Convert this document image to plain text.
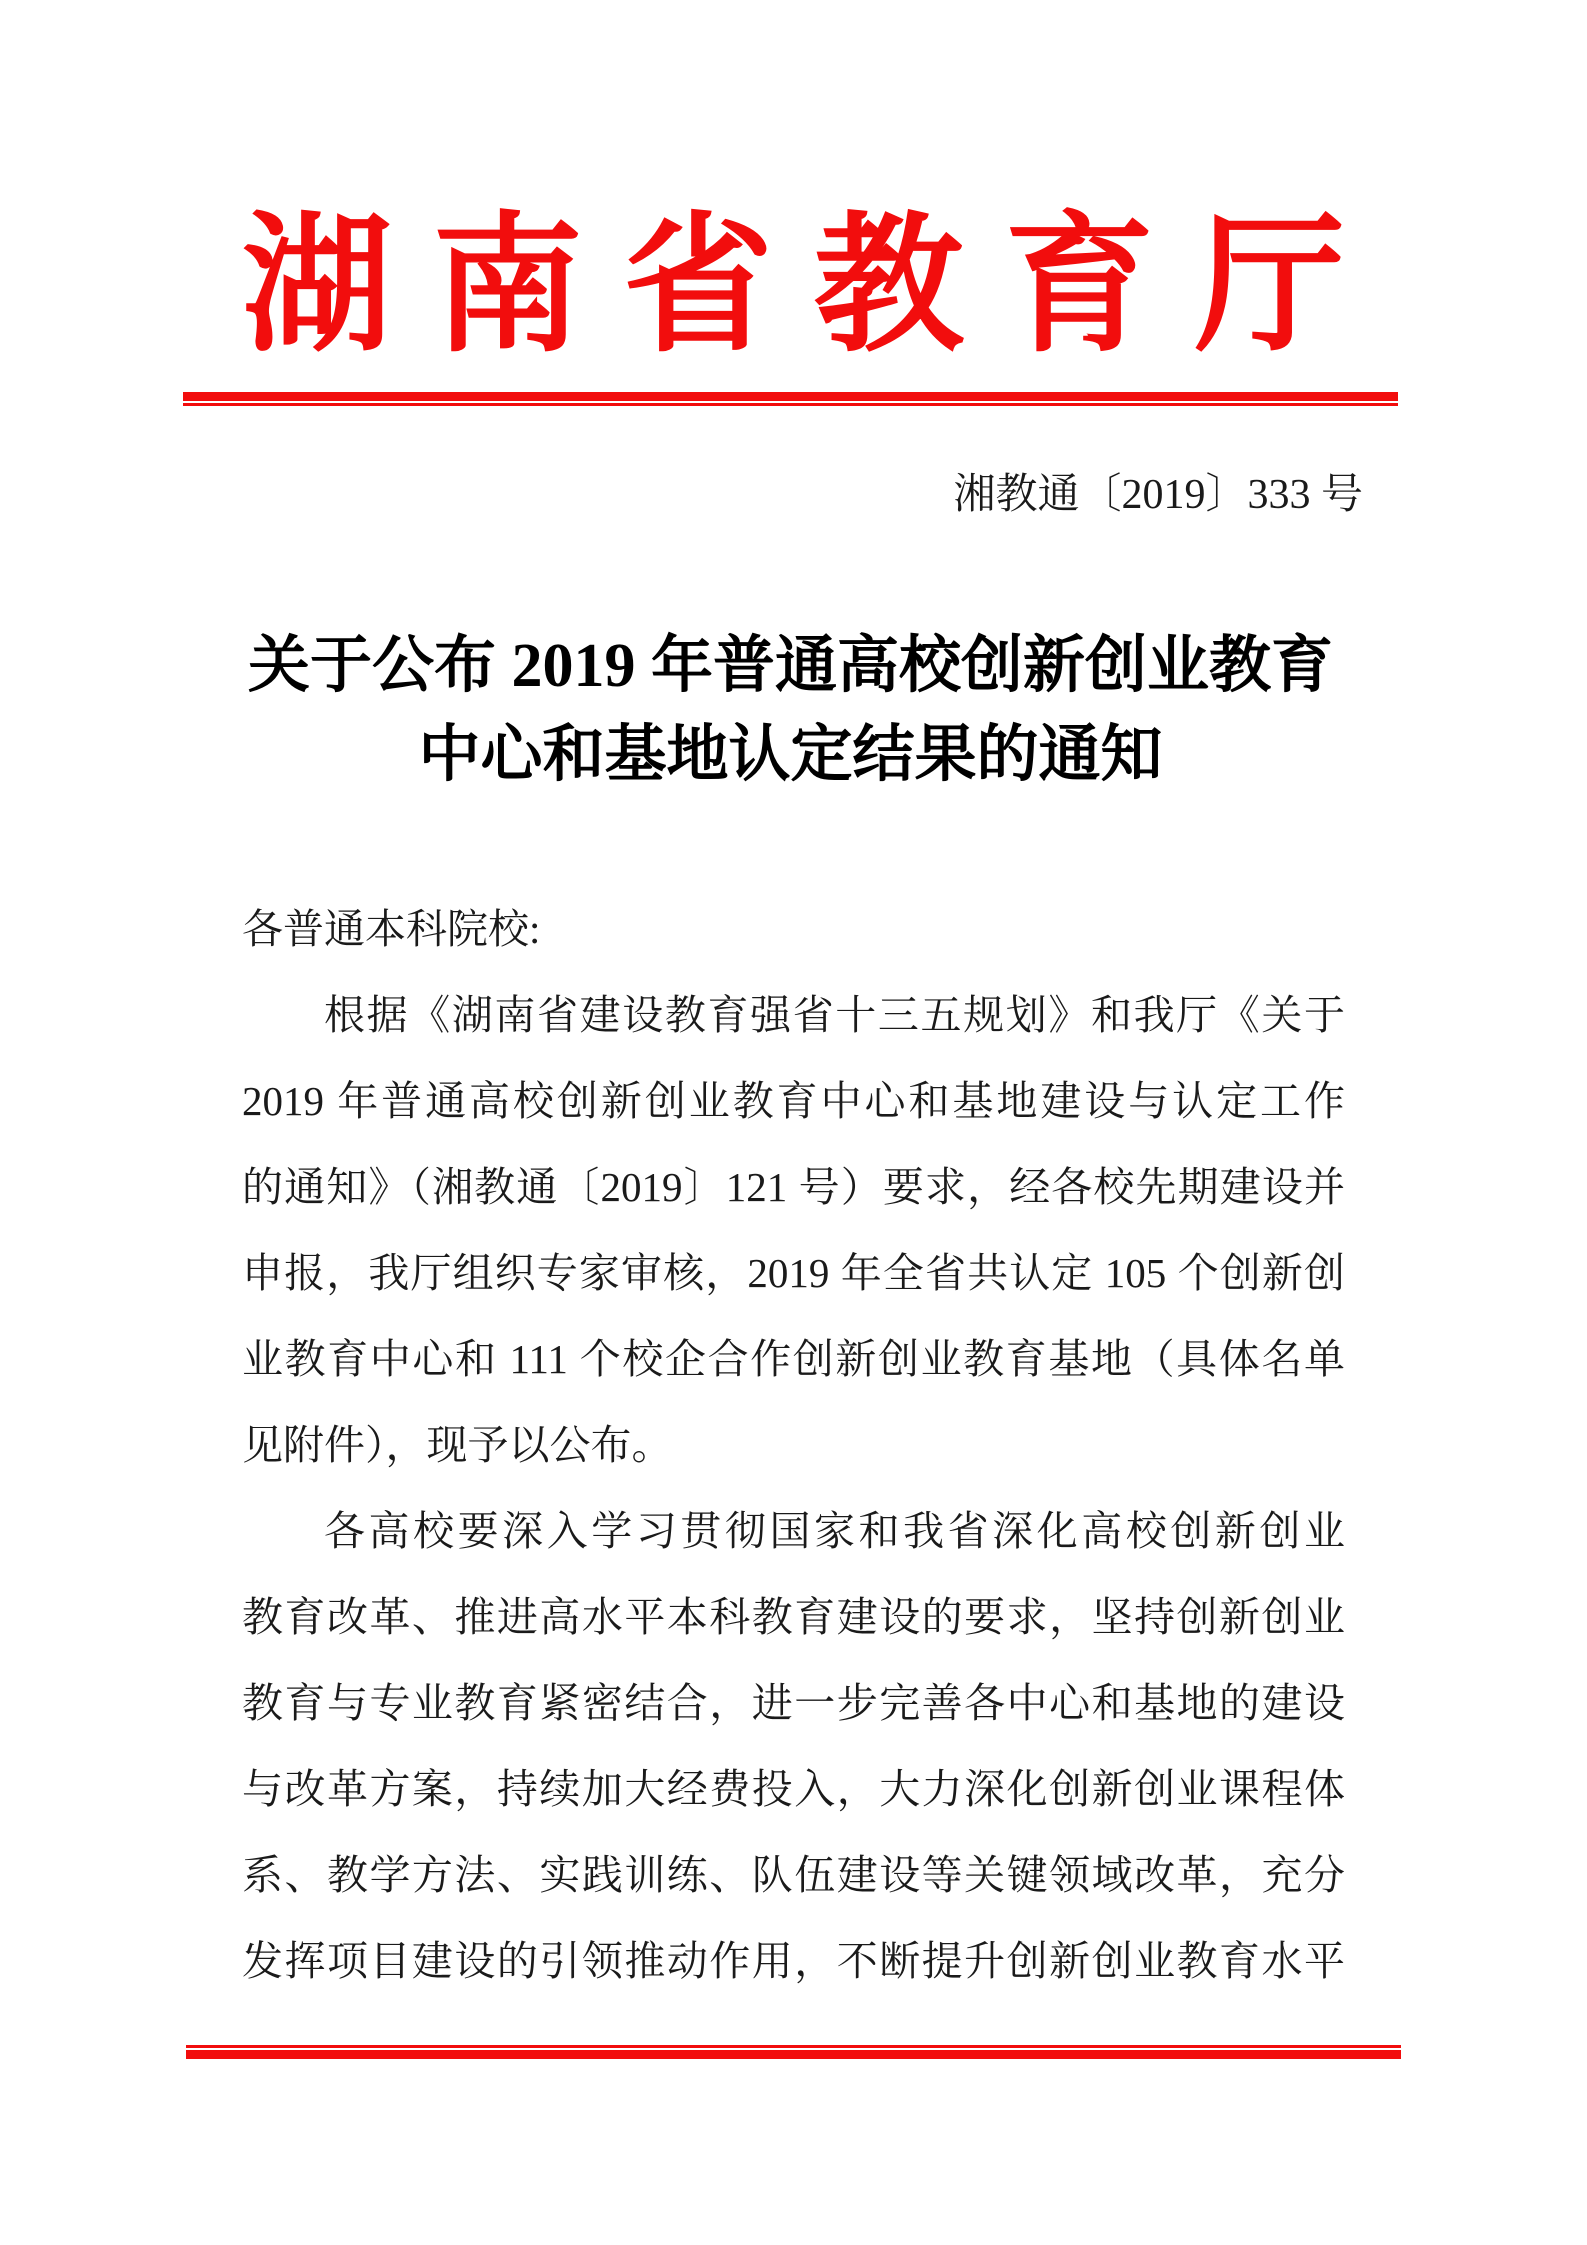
湖 南 省 教 育 厅
湘教通〔2019〕333 号
关于公布 2019 年普通高校创新创业教育
中心和基地认定结果的通知
各普通本科院校:
根据《湖南省建设教育强省十三五规划》和我厅《关于
2019 年普通高校创新创业教育中心和基地建设与认定工作
的通知》（湘教通〔2019〕121 号）要求，经各校先期建设并
申报，我厅组织专家审核，2019 年全省共认定 105 个创新创
业教育中心和 111 个校企合作创新创业教育基地（具体名单
见附件），现予以公布。
各高校要深入学习贯彻国家和我省深化高校创新创业
教育改革、推进高水平本科教育建设的要求，坚持创新创业
教育与专业教育紧密结合，进一步完善各中心和基地的建设
与改革方案，持续加大经费投入，大力深化创新创业课程体
系、教学方法、实践训练、队伍建设等关键领域改革，充分
发挥项目建设的引领推动作用，不断提升创新创业教育水平
